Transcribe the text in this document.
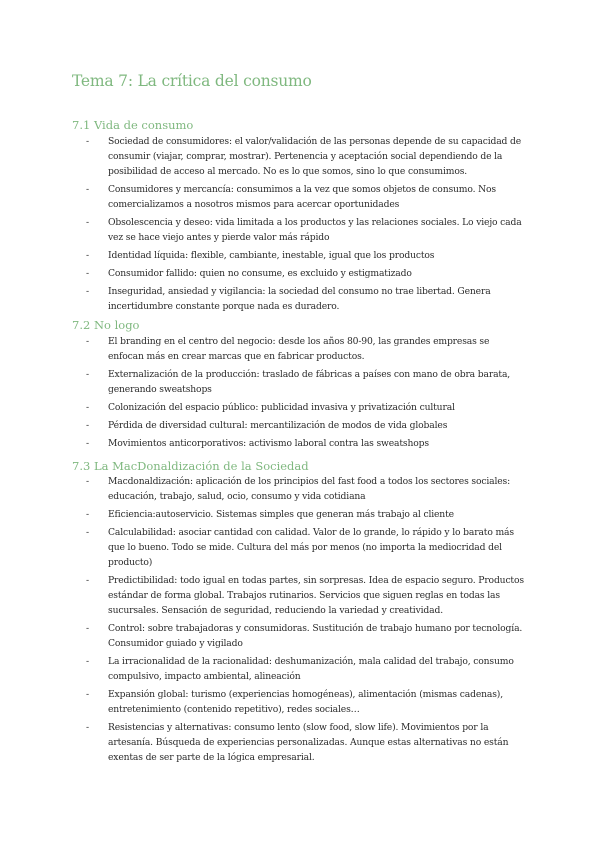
Tema 7: La crítica del consumo
7.1 Vida de consumo
- Sociedad de consumidores: el valor/validación de las personas depende de su capacidad de consumir (viajar, comprar, mostrar). Pertenencia y aceptación social dependiendo de la posibilidad de acceso al mercado. No es lo que somos, sino lo que consumimos.
- Consumidores y mercancía: consumimos a la vez que somos objetos de consumo. Nos comercializamos a nosotros mismos para acercar oportunidades
- Obsolescencia y deseo: vida limitada a los productos y las relaciones sociales. Lo viejo cada vez se hace viejo antes y pierde valor más rápido
- Identidad líquida: flexible, cambiante, inestable, igual que los productos
- Consumidor fallido: quien no consume, es excluido y estigmatizado
- Inseguridad, ansiedad y vigilancia: la sociedad del consumo no trae libertad. Genera incertidumbre constante porque nada es duradero.
7.2 No logo
- El branding en el centro del negocio: desde los años 80-90, las grandes empresas se enfocan más en crear marcas que en fabricar productos.
- Externalización de la producción: traslado de fábricas a países con mano de obra barata, generando sweatshops
- Colonización del espacio público: publicidad invasiva y privatización cultural
- Pérdida de diversidad cultural: mercantilización de modos de vida globales
- Movimientos anticorporativos: activismo laboral contra las sweatshops
7.3 La MacDonaldización de la Sociedad
- Macdonaldización: aplicación de los principios del fast food a todos los sectores sociales: educación, trabajo, salud, ocio, consumo y vida cotidiana
- Eficiencia:autoservicio. Sistemas simples que generan más trabajo al cliente
- Calculabilidad: asociar cantidad con calidad. Valor de lo grande, lo rápido y lo barato más que lo bueno. Todo se mide. Cultura del más por menos (no importa la mediocridad del producto)
- Predictibilidad: todo igual en todas partes, sin sorpresas. Idea de espacio seguro. Productos estándar de forma global. Trabajos rutinarios. Servicios que siguen reglas en todas las sucursales. Sensación de seguridad, reduciendo la variedad y creatividad.
- Control: sobre trabajadoras y consumidoras. Sustitución de trabajo humano por tecnología. Consumidor guiado y vigilado
- La irracionalidad de la racionalidad: deshumanización, mala calidad del trabajo, consumo compulsivo, impacto ambiental, alineación
- Expansión global: turismo (experiencias homogéneas), alimentación (mismas cadenas), entretenimiento (contenido repetitivo), redes sociales…
- Resistencias y alternativas: consumo lento (slow food, slow life). Movimientos por la artesanía. Búsqueda de experiencias personalizadas. Aunque estas alternativas no están exentas de ser parte de la lógica empresarial.
